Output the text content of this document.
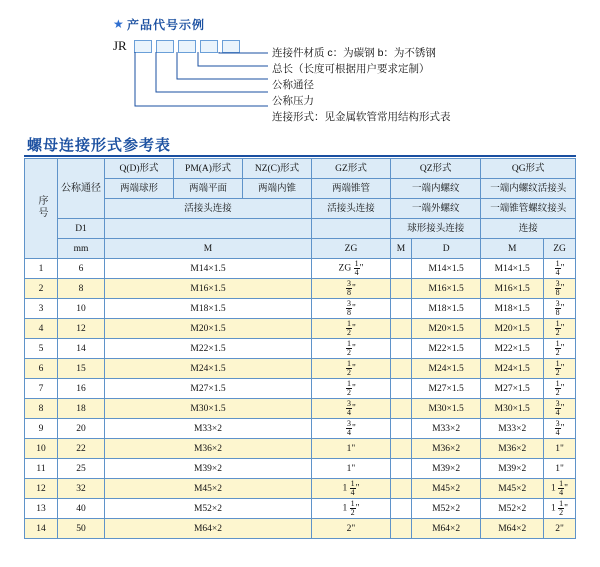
★ 产品代号示例
JR	连接件材质 c：为碳钢 b：为不锈钢
总长（长度可根据用户要求定制）
公称通径
公称压力
连接形式：见金属软管常用结构形式表
螺母连接形式参考表
序号	公称通径	Q(D)形式	PM(A)形式	NZ(C)形式	GZ形式	QZ形式		QG形式	
		两端球形	两端平面	两端内锥	两端锥管	一端内螺纹		一端内螺纹活接头	
		活接头连接			活接头连接	一端外螺纹		一端锥管螺纹接头	
	D1					球形接头连接		连接	
	mm	M			ZG	M	D	M	ZG
1	6	M14×1.5			ZG $\frac{1}{4}$ "		M14×1.5	M14×1.5	$\frac{1}{4}$ "
2	8	M16×1.5			$\frac{3}{8}$ "		M16×1.5	M16×1.5	$\frac{3}{8}$ "
3	10	M18×1.5			$\frac{3}{8}$ "		M18×1.5	M18×1.5	$\frac{3}{8}$ "
4	12	M20×1.5			$\frac{1}{2}$ "		M20×1.5	M20×1.5	$\frac{1}{2}$ "
5	14	M22×1.5			$\frac{1}{2}$ "		M22×1.5	M22×1.5	$\frac{1}{2}$ "
6	15	M24×1.5			$\frac{1}{2}$ "		M24×1.5	M24×1.5	$\frac{1}{2}$ "
7	16	M27×1.5			$\frac{1}{2}$ "		M27×1.5	M27×1.5	$\frac{1}{2}$ "
8	18	M30×1.5			$\frac{3}{4}$ "		M30×1.5	M30×1.5	$\frac{3}{4}$ "
9	20	M33×2			$\frac{3}{4}$ "		M33×2	M33×2	$\frac{3}{4}$ "
10	22	M36×2			1"		M36×2	M36×2	1"
11	25	M39×2			1"		M39×2	M39×2	1"
12	32	M45×2			$1 \frac{1}{4}$ "		M45×2	M45×2	$1 \frac{1}{4}$ "
13	40	M52×2			$1 \frac{1}{2}$ "		M52×2	M52×2	$1 \frac{1}{2}$ "
14	50	M64×2			2"		M64×2	M64×2	2"
